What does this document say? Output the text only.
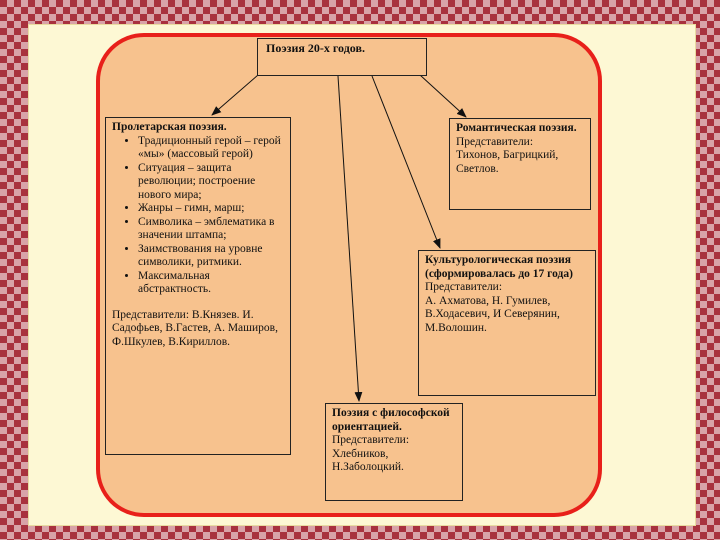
Поэзия 20-х годов.
Пролетарская поэзия.
• Традиционный герой – герой «мы» (массовый герой)
• Ситуация – защита революции; построение нового мира;
• Жанры – гимн, марш;
• Символика – эмблематика в значении штампа;
• Заимствования на уровне символики, ритмики.
• Максимальная абстрактность.
Представители: В.Князев. И. Садофьев, В.Гастев, А. Маширов, Ф.Шкулев, В.Кириллов.
Романтическая поэзия.
Представители:
Тихонов, Багрицкий, Светлов.
Культурологическая поэзия (сформировалась до 17 года)
Представители:
А. Ахматова, Н. Гумилев, В.Ходасевич, И Северянин, М.Волошин.
Поэзия с философской ориентацией.
Представители:
Хлебников, Н.Заболоцкий.
